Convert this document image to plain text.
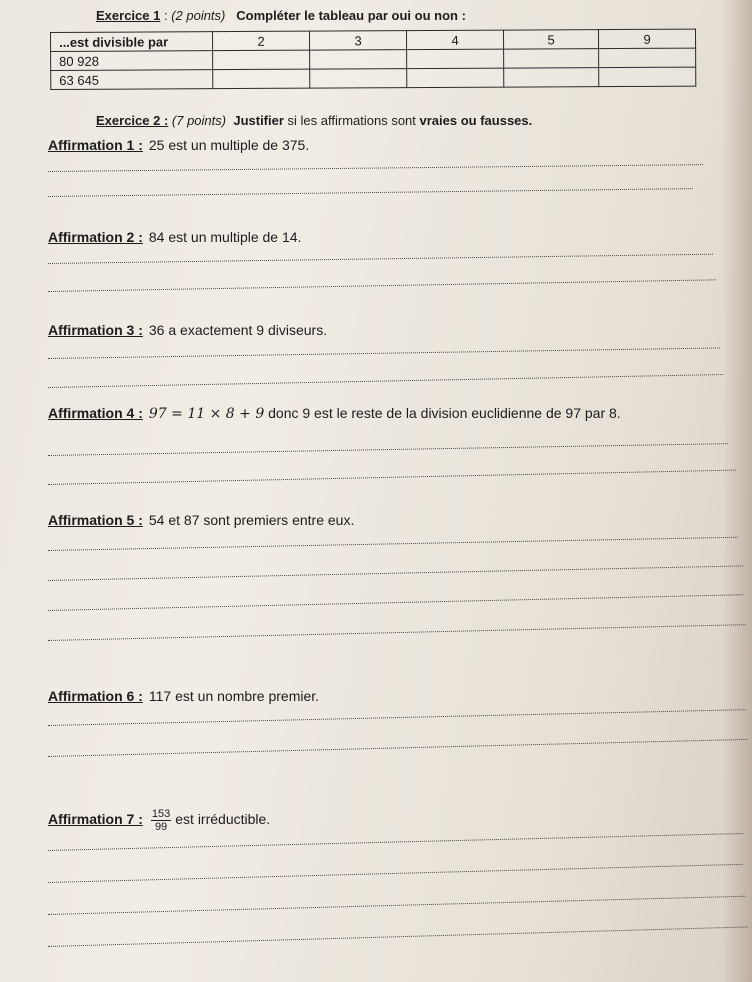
Exercice 1 : (2 points) Compléter le tableau par oui ou non :
...est divisible par	2	3	4	5	9
80 928					
63 645					
Exercice 2 : (7 points) Justifier si les affirmations sont vraies ou fausses.
Affirmation 1 : 25 est un multiple de 375.
Affirmation 2 : 84 est un multiple de 14.
Affirmation 3 : 36 a exactement 9 diviseurs.
Affirmation 4 : 97 = 11 × 8 + 9 donc 9 est le reste de la division euclidienne de 97 par 8.
Affirmation 5 : 54 et 87 sont premiers entre eux.
Affirmation 6 : 117 est un nombre premier.
Affirmation 7 : $\frac{153}{99}$ est irréductible.
